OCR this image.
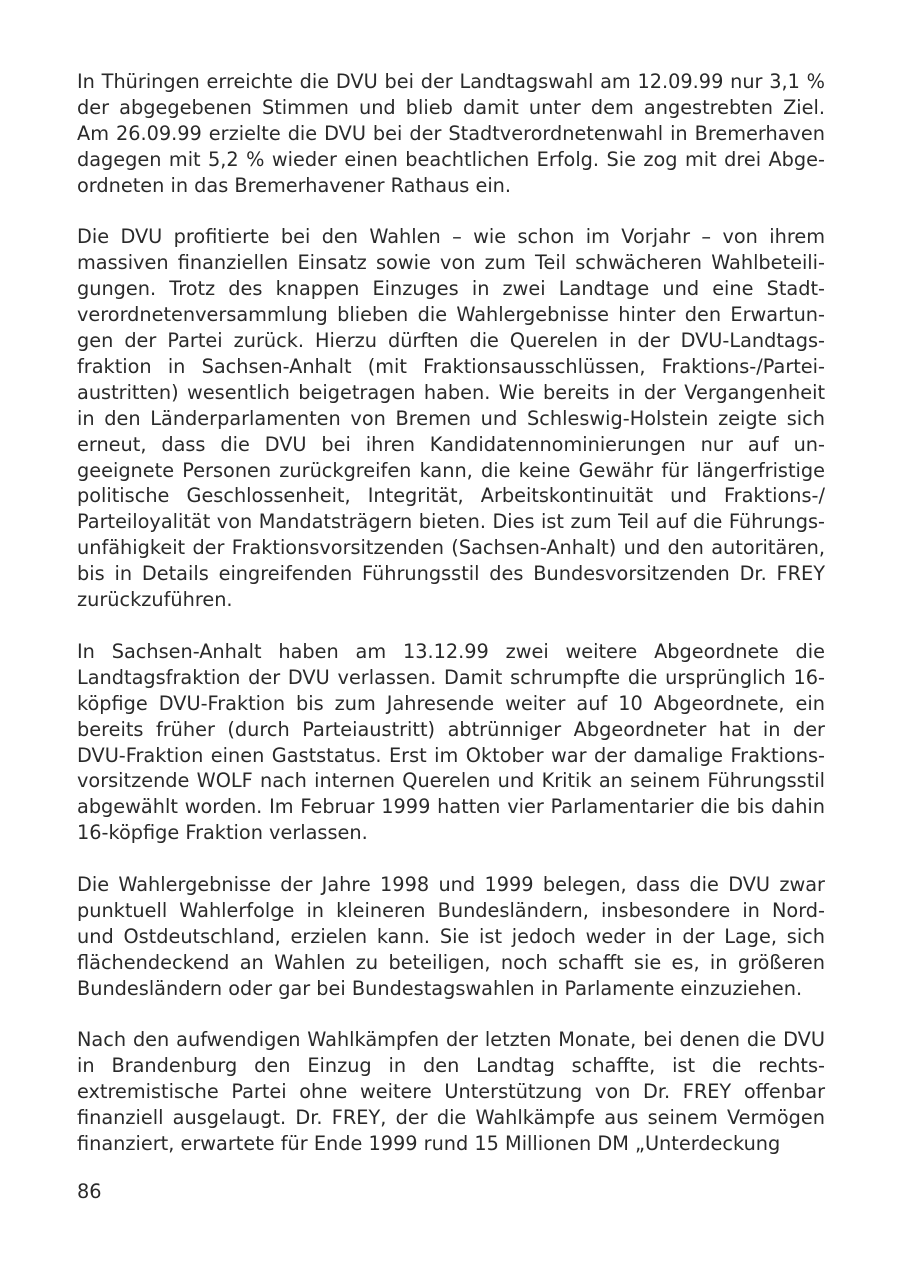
In Thüringen erreichte die DVU bei der Landtagswahl am 12.09.99 nur 3,1 % der abgegebenen Stimmen und blieb damit unter dem angestrebten Ziel. Am 26.09.99 erzielte die DVU bei der Stadtverordnetenwahl in Bremerhaven dagegen mit 5,2 % wieder einen beachtlichen Erfolg. Sie zog mit drei Abgeordneten in das Bremerhavener Rathaus ein.

Die DVU profitierte bei den Wahlen – wie schon im Vorjahr – von ihrem massiven finanziellen Einsatz sowie von zum Teil schwächeren Wahlbeteiligungen. Trotz des knappen Einzuges in zwei Landtage und eine Stadtverordnetenversammlung blieben die Wahlergebnisse hinter den Erwartungen der Partei zurück. Hierzu dürften die Querelen in der DVU-Landtagsfraktion in Sachsen-Anhalt (mit Fraktionsausschlüssen, Fraktions-/Parteiaustritten) wesentlich beigetragen haben. Wie bereits in der Vergangenheit in den Länderparlamenten von Bremen und Schleswig-Holstein zeigte sich erneut, dass die DVU bei ihren Kandidatennominierungen nur auf ungeeignete Personen zurückgreifen kann, die keine Gewähr für längerfristige politische Geschlossenheit, Integrität, Arbeitskontinuität und Fraktions-/ Parteiloyalität von Mandatsträgern bieten. Dies ist zum Teil auf die Führungsunfähigkeit der Fraktionsvorsitzenden (Sachsen-Anhalt) und den autoritären, bis in Details eingreifenden Führungsstil des Bundesvorsitzenden Dr. FREY zurückzuführen.

In Sachsen-Anhalt haben am 13.12.99 zwei weitere Abgeordnete die Landtagsfraktion der DVU verlassen. Damit schrumpfte die ursprünglich 16-köpfige DVU-Fraktion bis zum Jahresende weiter auf 10 Abgeordnete, ein bereits früher (durch Parteiaustritt) abtrünniger Abgeordneter hat in der DVU-Fraktion einen Gaststatus. Erst im Oktober war der damalige Fraktionsvorsitzende WOLF nach internen Querelen und Kritik an seinem Führungsstil abgewählt worden. Im Februar 1999 hatten vier Parlamentarier die bis dahin 16-köpfige Fraktion verlassen.

Die Wahlergebnisse der Jahre 1998 und 1999 belegen, dass die DVU zwar punktuell Wahlerfolge in kleineren Bundesländern, insbesondere in Nord- und Ostdeutschland, erzielen kann. Sie ist jedoch weder in der Lage, sich flächendeckend an Wahlen zu beteiligen, noch schafft sie es, in größeren Bundesländern oder gar bei Bundestagswahlen in Parlamente einzuziehen.

Nach den aufwendigen Wahlkämpfen der letzten Monate, bei denen die DVU in Brandenburg den Einzug in den Landtag schaffte, ist die rechtsextremistische Partei ohne weitere Unterstützung von Dr. FREY offenbar finanziell ausgelaugt. Dr. FREY, der die Wahlkämpfe aus seinem Vermögen finanziert, erwartete für Ende 1999 rund 15 Millionen DM „Unterdeckung

86
